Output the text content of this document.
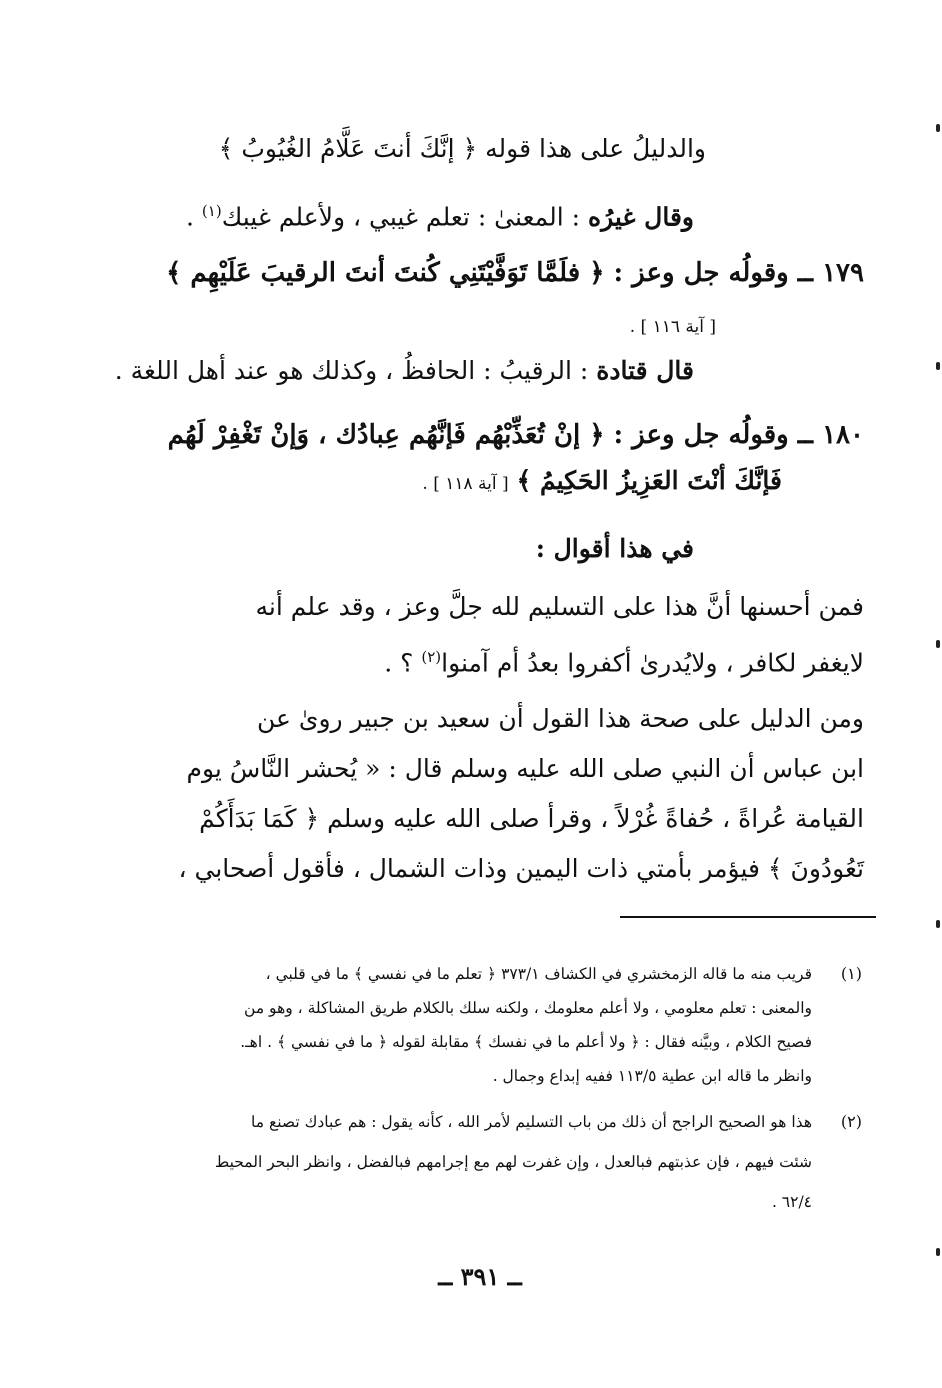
والدليلُ على هذا قوله ﴿ إنَّكَ أنتَ عَلَّامُ الغُيُوبُ ﴾
وقال غيرُه : المعنىٰ : تعلم غيبي ، ولأعلم غيبك$^{(١)}$ .
١٧٩ ــ وقولُه جل وعز : ﴿ فلَمَّا تَوَفَّيْتَنِي كُنتَ أنتَ الرقيبَ عَلَيْهِم ﴾
[ آية ١١٦ ] .
قال قتادة : الرقيبُ : الحافظُ ، وكذلك هو عند أهل اللغة .
١٨٠ ــ وقولُه جل وعز : ﴿ إنْ تُعَذِّبْهُم فَإنَّهُم عِبادُك ، وَإنْ تَغْفِرْ لَهُم
فَإنَّكَ أنْتَ العَزِيزُ الحَكِيمُ ﴾ [ آية ١١٨ ] .
في هذا أقوال :
فمن أحسنها أنَّ هذا على التسليم لله جلَّ وعز ، وقد علم أنه
لايغفر لكافر ، ولايُدرىٰ أكفروا بعدُ أم آمنوا$^{(٢)}$ ؟ .
ومن الدليل على صحة هذا القول أن سعيد بن جبير روىٰ عن
ابن عباس أن النبي صلى الله عليه وسلم قال : « يُحشر النَّاسُ يوم
القيامة عُراةً ، حُفاةً غُرْلاً ، وقرأ صلى الله عليه وسلم ﴿ كَمَا بَدَأَكُمْ
تَعُودُونَ ﴾ فيؤمر بأمتي ذات اليمين وذات الشمال ، فأقول أصحابي ،
(١)
قريب منه ما قاله الزمخشري في الكشاف ٣٧٣/١ ﴿ تعلم ما في نفسي ﴾ ما في قلبي ،
والمعنى : تعلم معلومي ، ولا أعلم معلومك ، ولكنه سلك بالكلام طريق المشاكلة ، وهو من
فصيح الكلام ، وبيَّنه فقال : ﴿ ولا أعلم ما في نفسك ﴾ مقابلة لقوله ﴿ ما في نفسي ﴾ . اهـ.
وانظر ما قاله ابن عطية ١١٣/٥ ففيه إبداع وجمال .
(٢)
هذا هو الصحيح الراجح أن ذلك من باب التسليم لأمر الله ، كأنه يقول : هم عبادك تصنع ما
شئت فيهم ، فإن عذبتهم فبالعدل ، وإن غفرت لهم مع إجرامهم فبالفضل ، وانظر البحر المحيط
٦٢/٤ .
ــ ٣٩١ ــ
